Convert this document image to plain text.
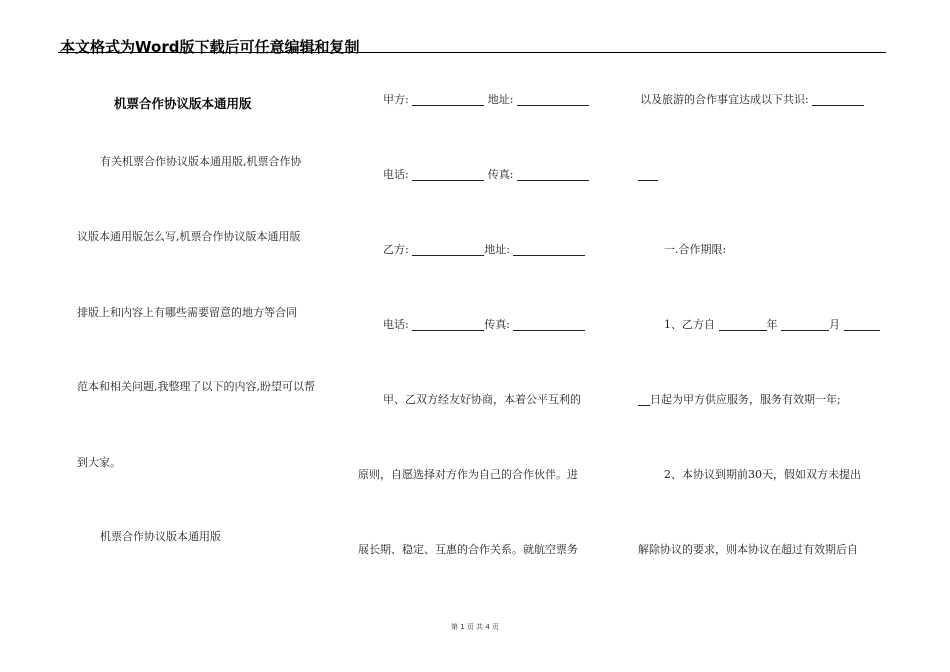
本文格式为Word版下载后可任意编辑和复制
机票合作协议版本通用版
有关机票合作协议版本通用版,机票合作协
议版本通用版怎么写,机票合作协议版本通用版
排版上和内容上有哪些需要留意的地方等合同
范本和相关问题,我整理了以下的内容,盼望可以帮
到大家。
机票合作协议版本通用版
甲方:	地址:
电话:	传真:
乙方:	地址:
电话:	传真:
甲、乙双方经友好协商，本着公平互利的
原则，自愿选择对方作为自己的合作伙伴。进
展长期、稳定、互惠的合作关系。就航空票务
以及旅游的合作事宜达成以下共识:
一.合作期限:
1、乙方自	年	月
日起为甲方供应服务，服务有效期一年;
2、本协议到期前30天，假如双方未提出
解除协议的要求，则本协议在超过有效期后自
第 1 页 共 4 页
